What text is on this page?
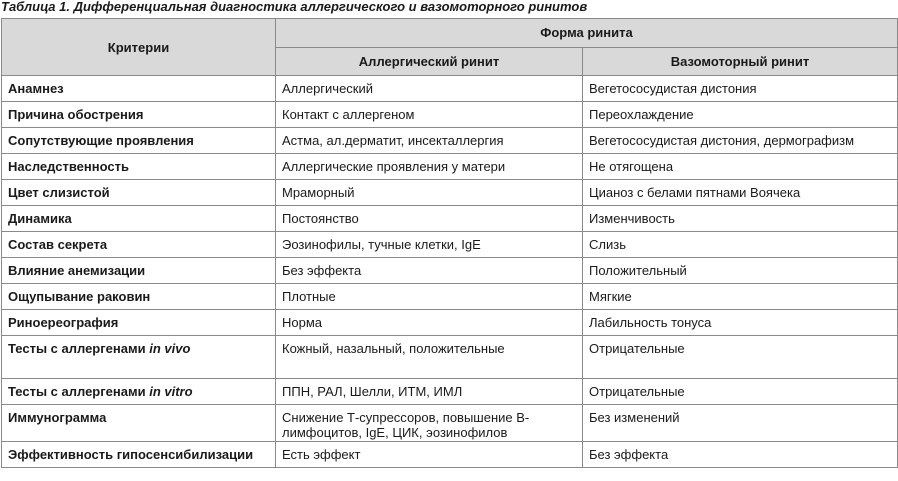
Таблица 1. Дифференциальная диагностика аллергического и вазомоторного ринитов
Критерии	Форма ринита	
	Аллергический ринит	Вазомоторный ринит
Анамнез	Аллергический	Вегетососудистая дистония
Причина обострения	Контакт с аллергеном	Переохлаждение
Сопутствующие проявления	Астма, ал.дерматит, инсекталлергия	Вегетососудистая дистония, дермографизм
Наследственность	Аллергические проявления у матери	Не отягощена
Цвет слизистой	Мраморный	Цианоз с белами пятнами Воячека
Динамика	Постоянство	Изменчивость
Состав секрета	Эозинофилы, тучные клетки, IgE	Слизь
Влияние анемизации	Без эффекта	Положительный
Ощупывание раковин	Плотные	Мягкие
Риноереография	Норма	Лабильность тонуса
Тесты с аллергенами in vivo	Кожный, назальный, положительные	Отрицательные
Тесты с аллергенами in vitro	ППН, РАЛ, Шелли, ИТМ, ИМЛ	Отрицательные
Иммунограмма	Снижение Т-супрессоров, повышение В-лимфоцитов, IgE, ЦИК, эозинофилов	Без изменений
Эффективность гипосенсибилизации	Есть эффект	Без эффекта
